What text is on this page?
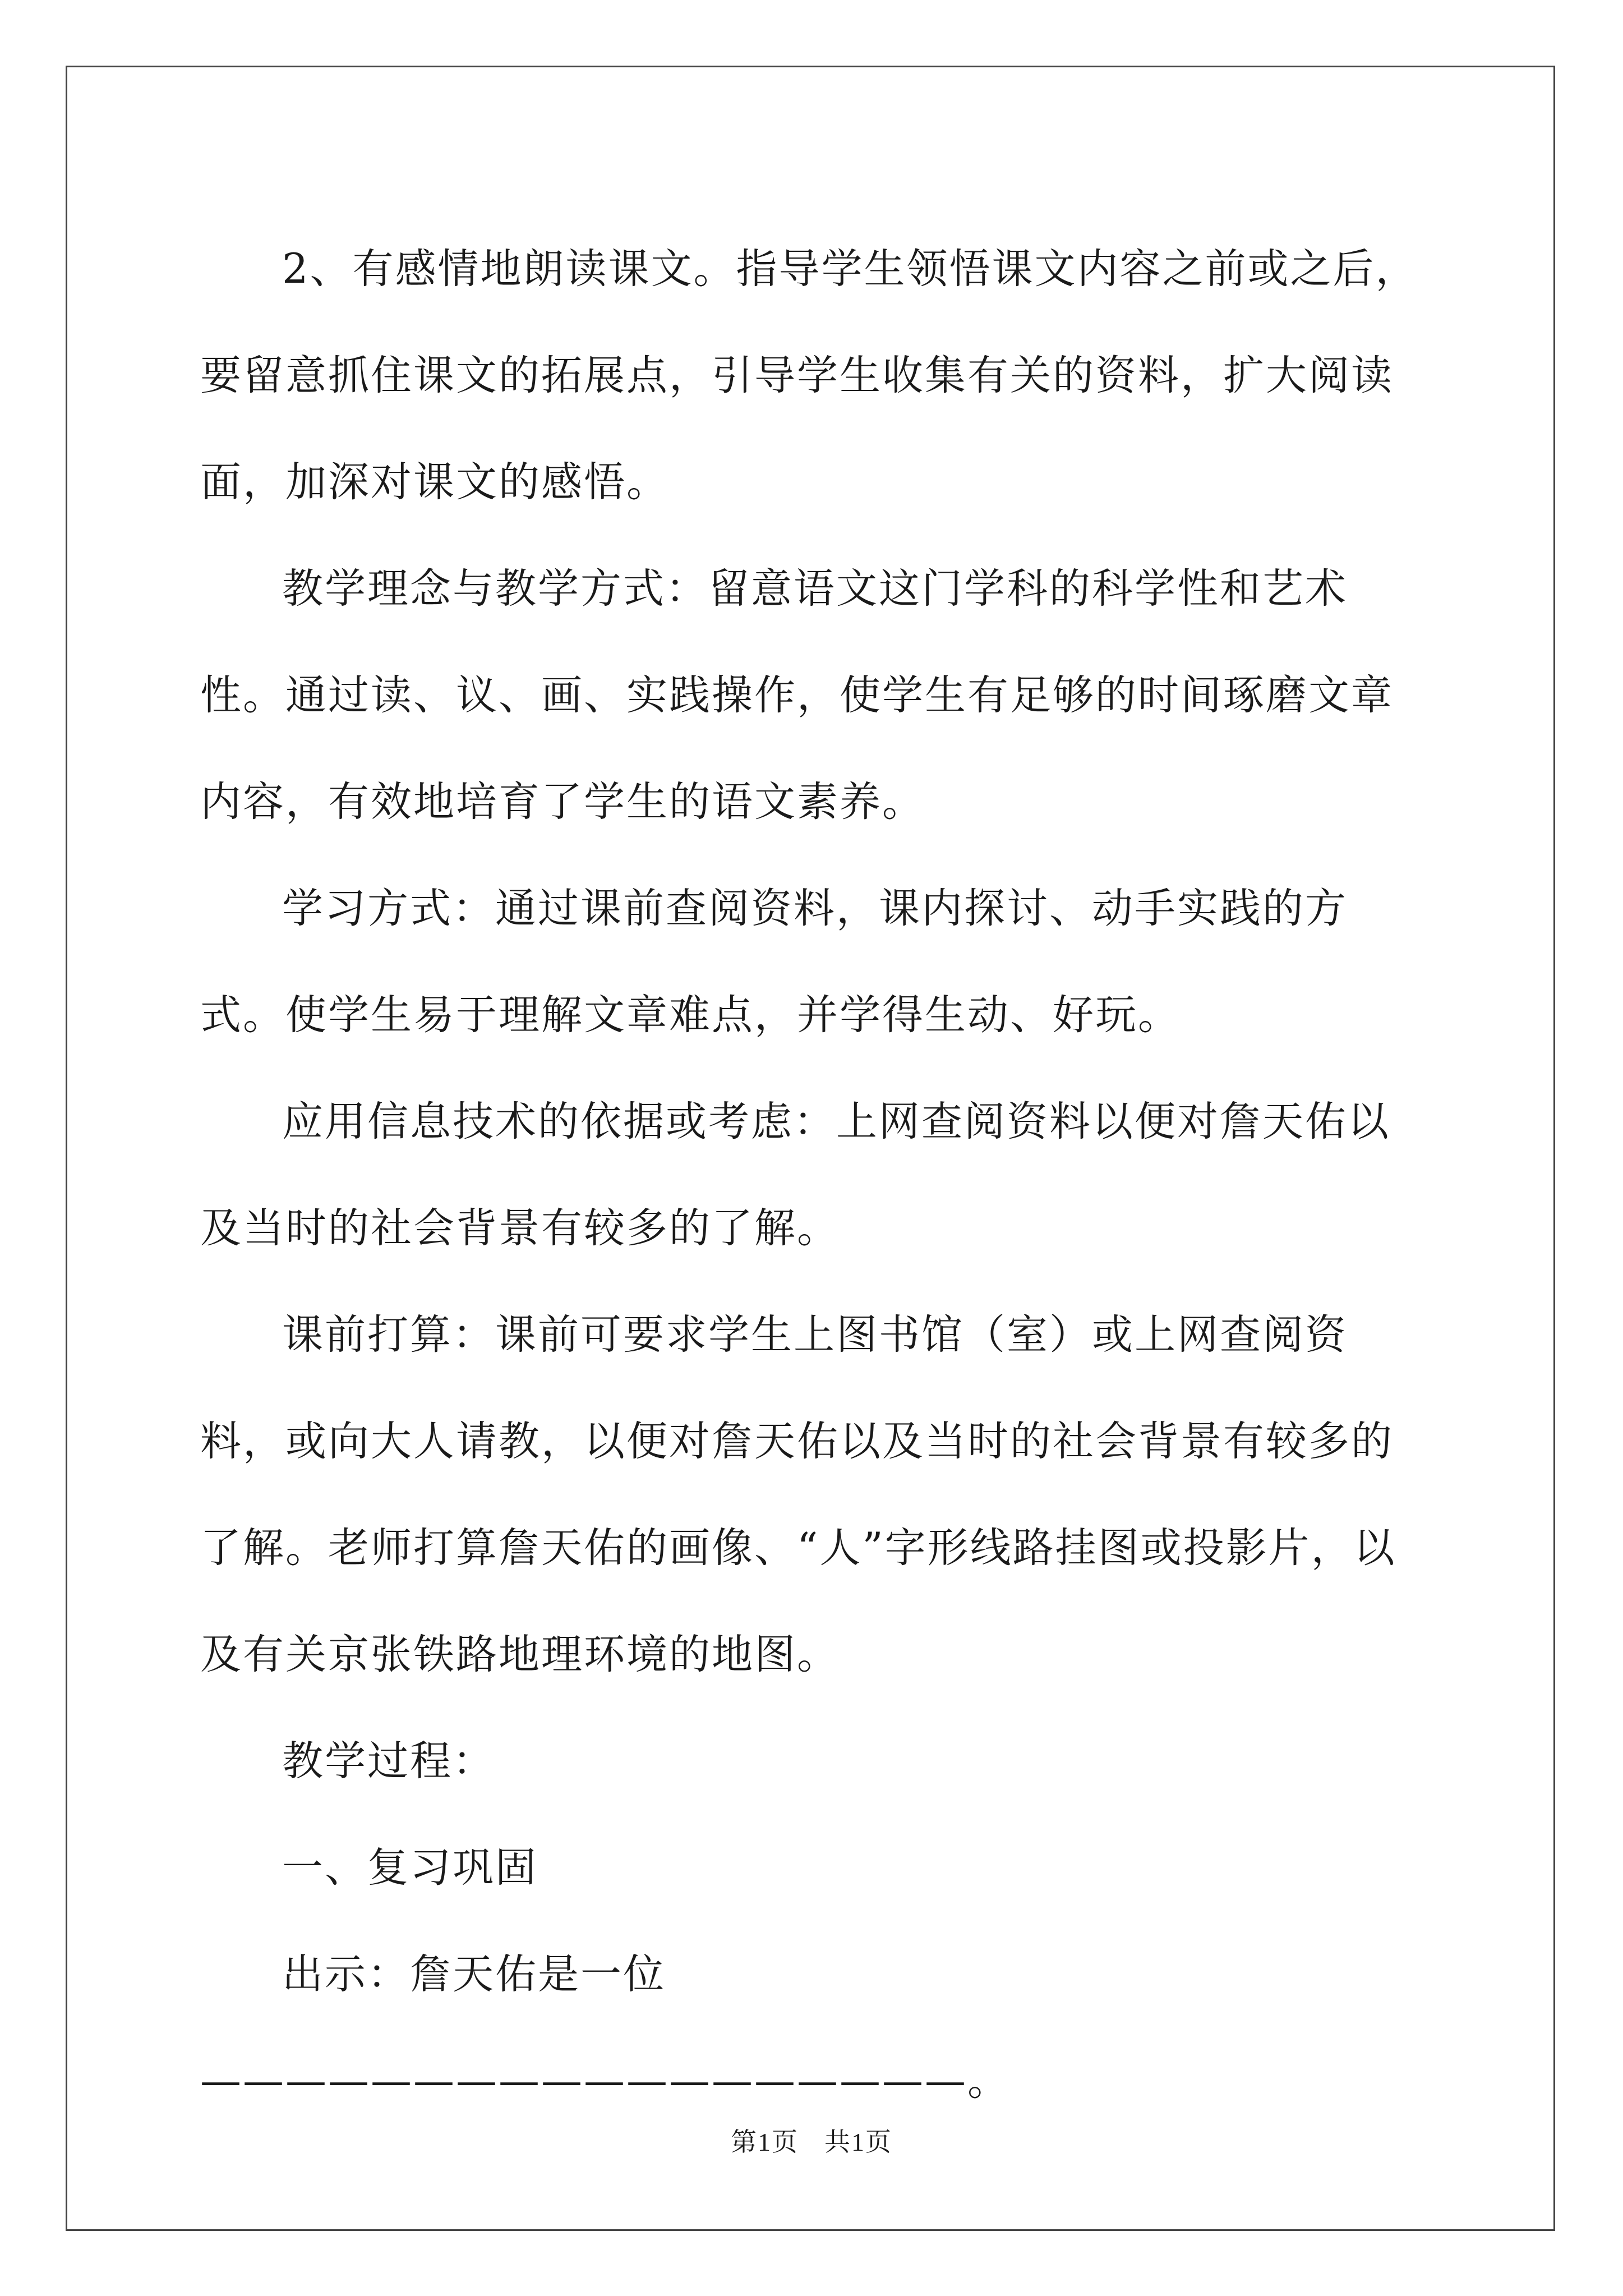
2、有感情地朗读课文。指导学生领悟课文内容之前或之后，要留意抓住课文的拓展点，引导学生收集有关的资料，扩大阅读面，加深对课文的感悟。

教学理念与教学方式：留意语文这门学科的科学性和艺术性。通过读、议、画、实践操作，使学生有足够的时间琢磨文章内容，有效地培育了学生的语文素养。

学习方式：通过课前查阅资料，课内探讨、动手实践的方式。使学生易于理解文章难点，并学得生动、好玩。

应用信息技术的依据或考虑：上网查阅资料以便对詹天佑以及当时的社会背景有较多的了解。

课前打算：课前可要求学生上图书馆（室）或上网查阅资料，或向大人请教，以便对詹天佑以及当时的社会背景有较多的了解。老师打算詹天佑的画像、“人”字形线路挂图或投影片，以及有关京张铁路地理环境的地图。

教学过程：

一、复习巩固

出示：詹天佑是一位——————————————————。

第1页 共1页
